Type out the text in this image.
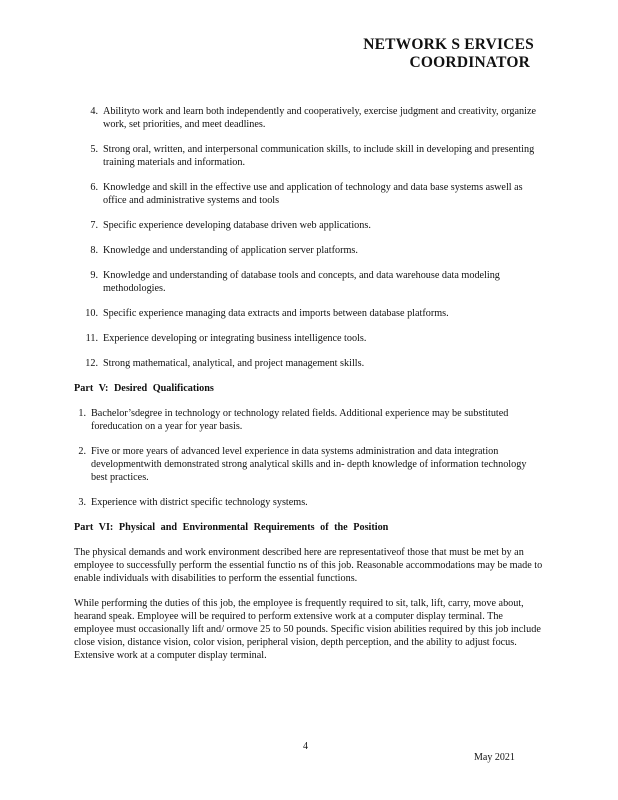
NETWORK S ERVICES
COORDINATOR
4. Abilityto work and learn both independently and cooperatively, exercise judgment and creativity, organize work, set priorities, and meet deadlines.
5. Strong oral, written, and interpersonal communication skills, to include skill in developing and presenting training materials and information.
6. Knowledge and skill in the effective use and application of technology and data base systems aswell as office and administrative systems and tools
7. Specific experience developing database driven web applications.
8. Knowledge and understanding of application server platforms.
9. Knowledge and understanding of database tools and concepts, and data warehouse data modeling methodologies.
10. Specific experience managing data extracts and imports between database platforms.
11. Experience developing or integrating business intelligence tools.
12. Strong mathematical, analytical, and project management skills.
Part V: Desired Qualifications
1. Bachelor’sdegree in technology or technology related fields. Additional experience may be substituted foreducation on a year for year basis.
2. Five or more years of advanced level experience in data systems administration and data integration developmentwith demonstrated strong analytical skills and in- depth knowledge of information technology best practices.
3. Experience with district specific technology systems.
Part VI: Physical and Environmental Requirements of the Position

The physical demands and work environment described here are representativeof those that must be met by an employee to successfully perform the essential functio ns of this job. Reasonable accommodations may be made to enable individuals with disabilities to perform the essential functions.

While performing the duties of this job, the employee is frequently required to sit, talk, lift, carry, move about, hearand speak. Employee will be required to perform extensive work at a computer display terminal. The employee must occasionally lift and/ ormove 25 to 50 pounds. Specific vision abilities required by this job include close vision, distance vision, color vision, peripheral vision, depth perception, and the ability to adjust focus. Extensive work at a computer display terminal.

4
May 2021
